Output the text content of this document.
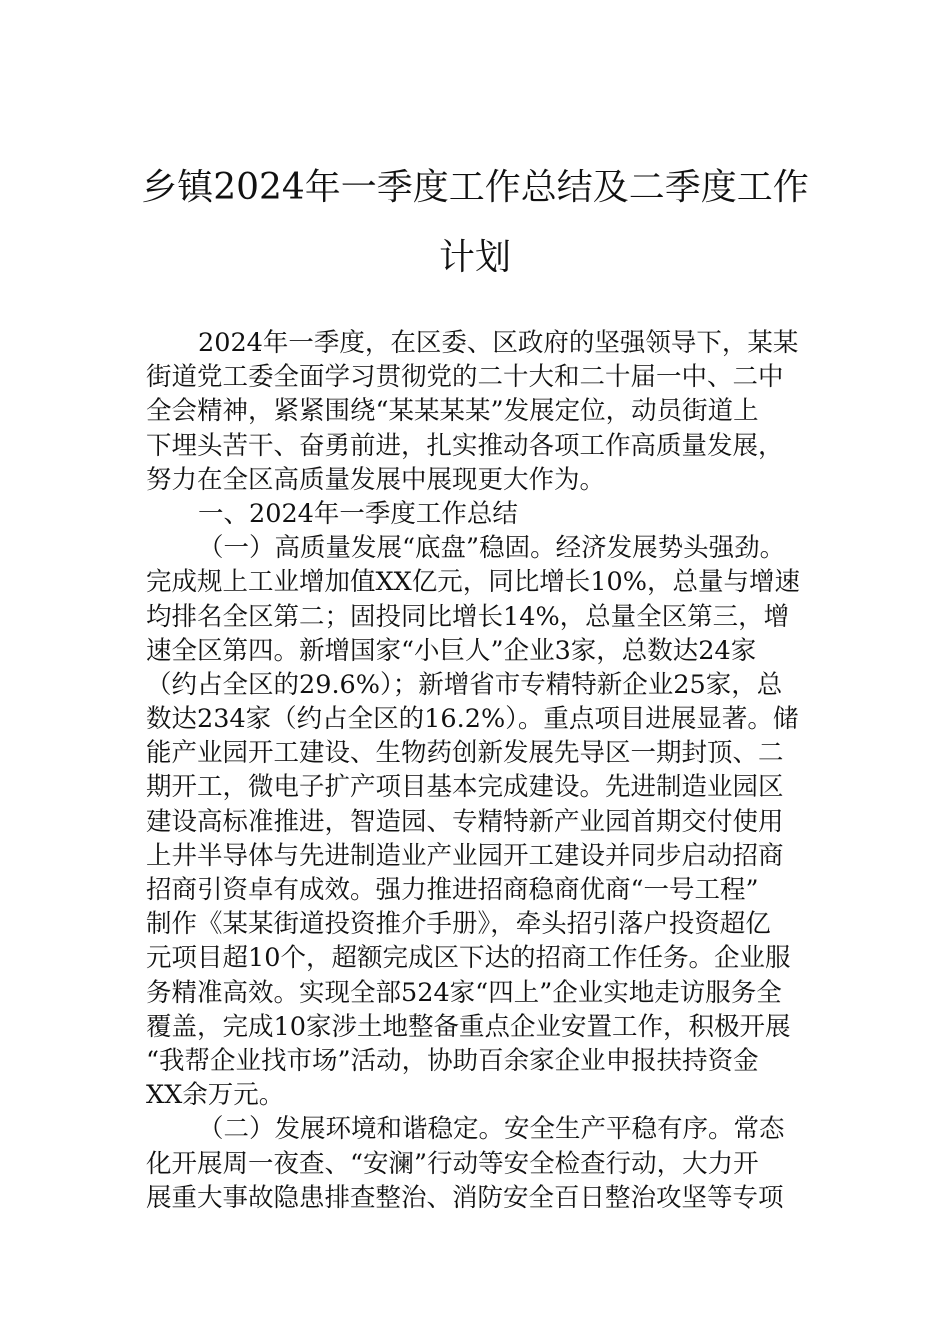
乡镇2024年一季度工作总结及二季度工作
计划
2024年一季度，在区委、区政府的坚强领导下，某某
街道党工委全面学习贯彻党的二十大和二十届一中、二中
全会精神，紧紧围绕“某某某某”发展定位，动员街道上
下埋头苦干、奋勇前进，扎实推动各项工作高质量发展，
努力在全区高质量发展中展现更大作为。
一、2024年一季度工作总结
（一）高质量发展“底盘”稳固。经济发展势头强劲。
完成规上工业增加值XX亿元，同比增长10%，总量与增速
均排名全区第二；固投同比增长14%，总量全区第三，增
速全区第四。新增国家“小巨人”企业3家，总数达24家
（约占全区的29.6%）；新增省市专精特新企业25家，总
数达234家（约占全区的16.2%）。重点项目进展显著。储
能产业园开工建设、生物药创新发展先导区一期封顶、二
期开工，微电子扩产项目基本完成建设。先进制造业园区
建设高标准推进，智造园、专精特新产业园首期交付使用
上井半导体与先进制造业产业园开工建设并同步启动招商
招商引资卓有成效。强力推进招商稳商优商“一号工程”
制作《某某街道投资推介手册》，牵头招引落户投资超亿
元项目超10个，超额完成区下达的招商工作任务。企业服
务精准高效。实现全部524家“四上”企业实地走访服务全
覆盖，完成10家涉土地整备重点企业安置工作，积极开展
“我帮企业找市场”活动，协助百余家企业申报扶持资金
XX余万元。
（二）发展环境和谐稳定。安全生产平稳有序。常态
化开展周一夜查、“安澜”行动等安全检查行动，大力开
展重大事故隐患排查整治、消防安全百日整治攻坚等专项
